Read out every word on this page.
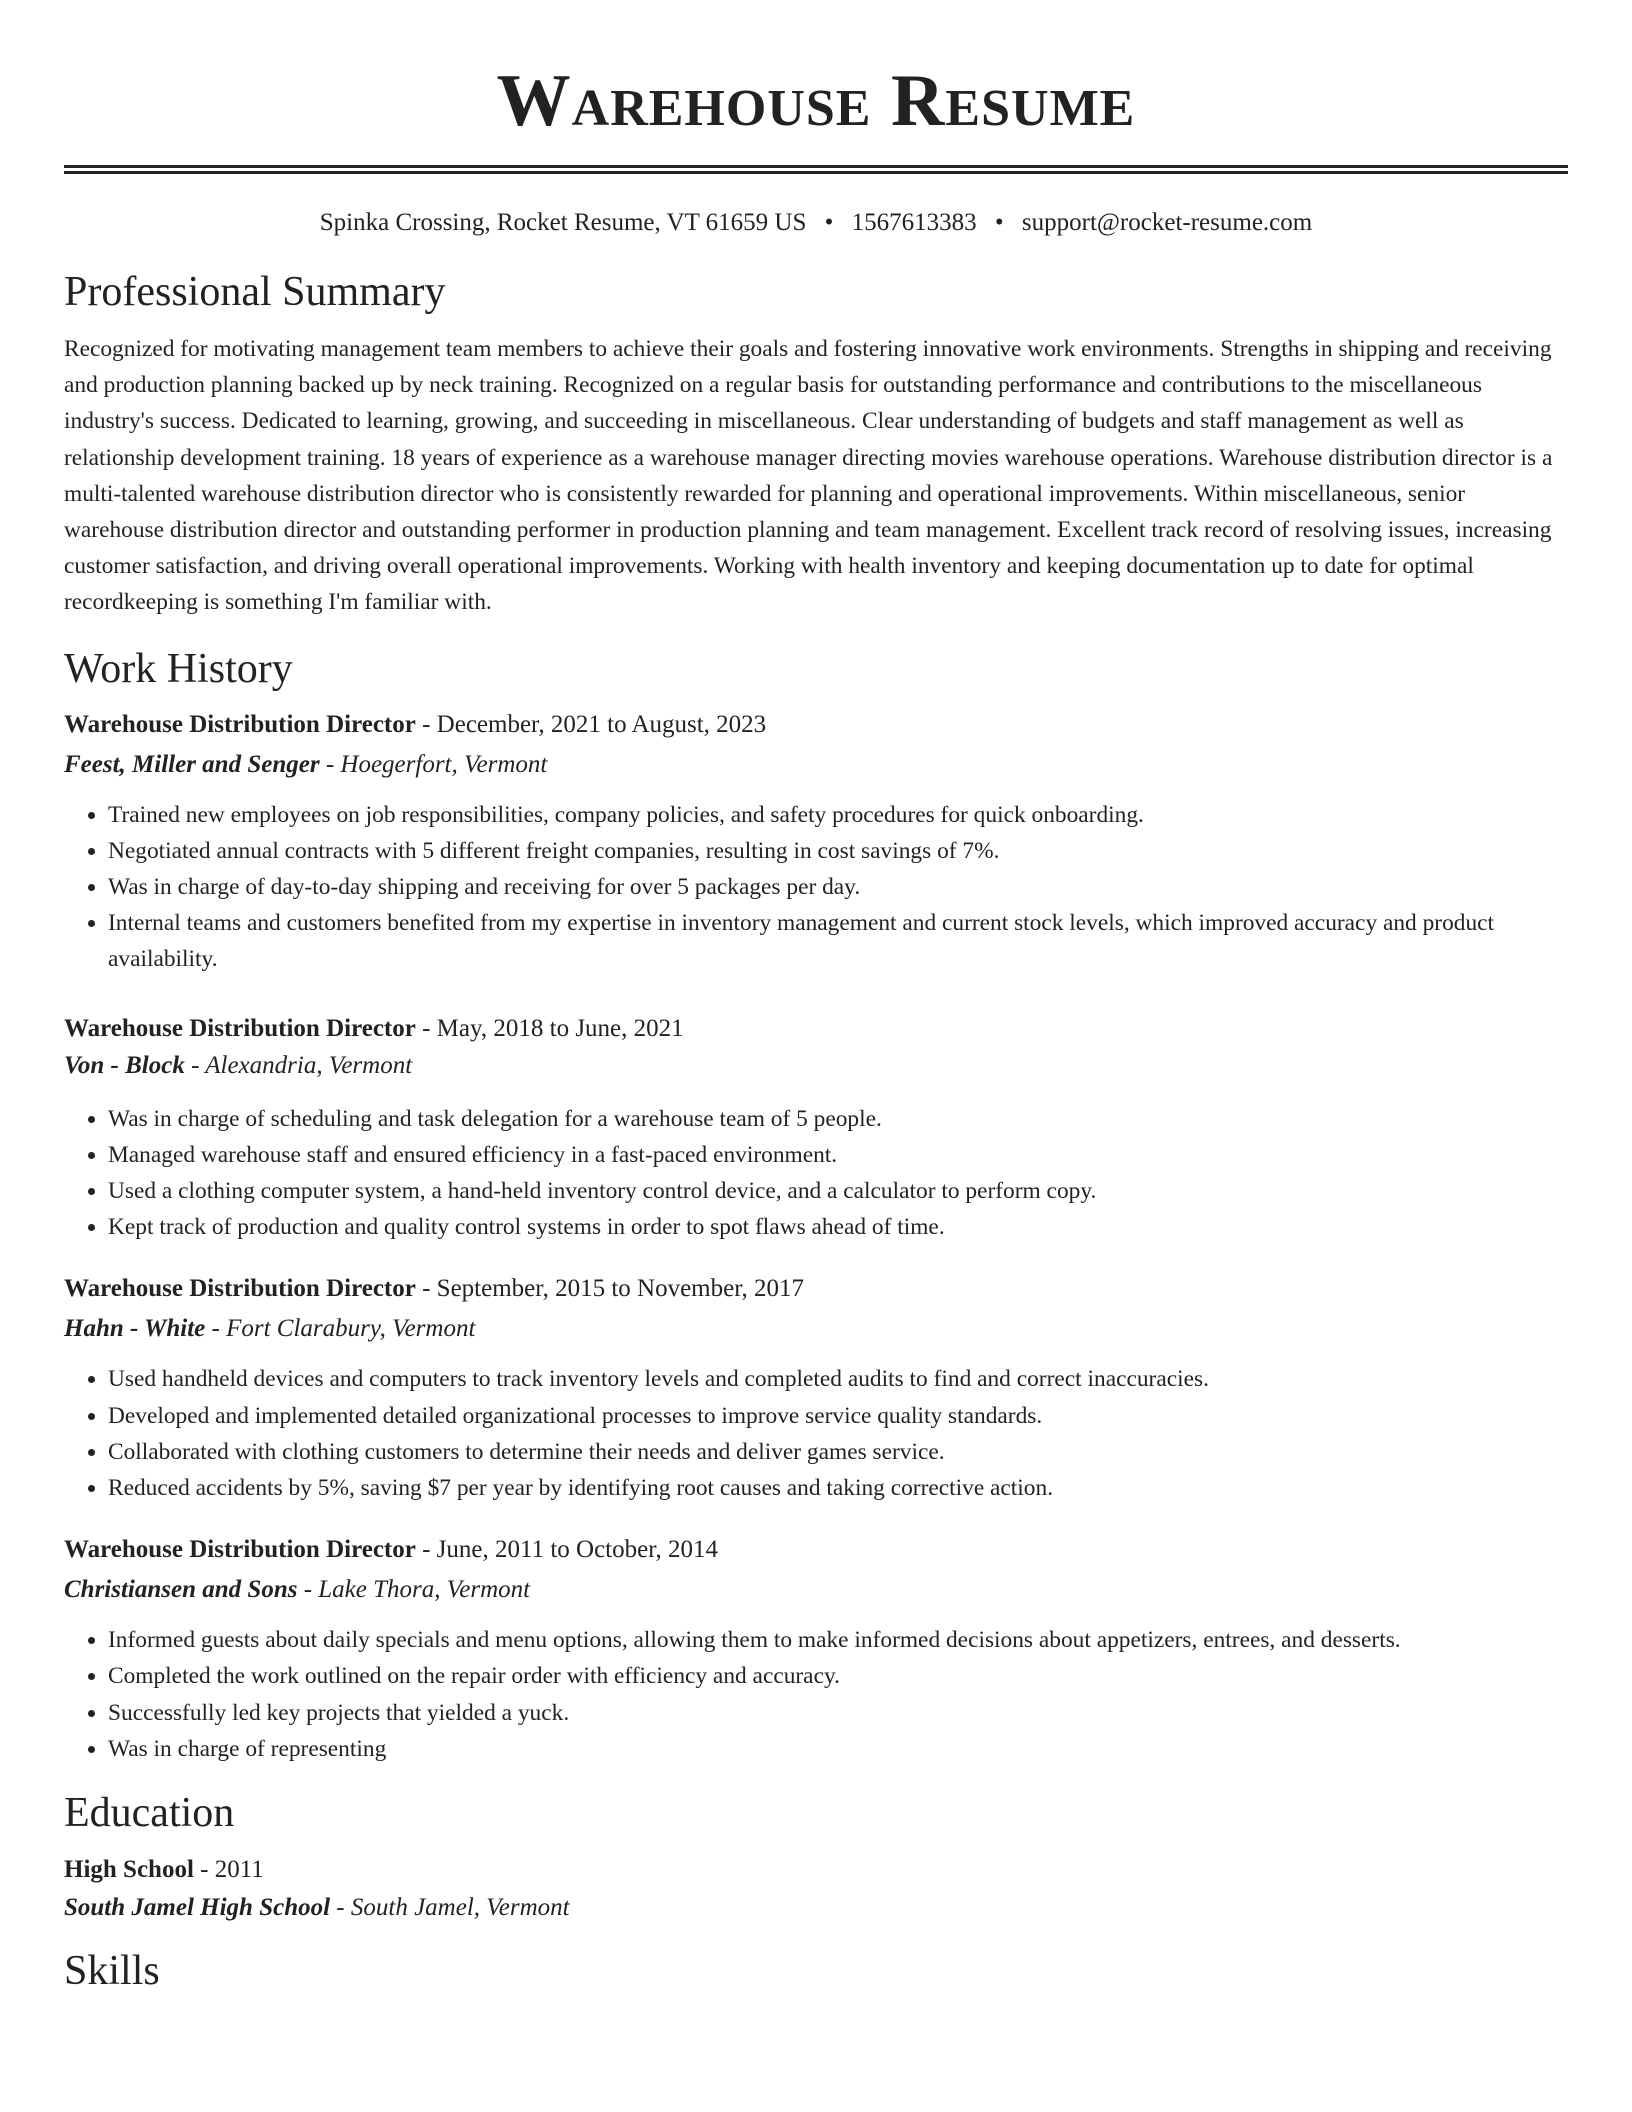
Warehouse Resume
Spinka Crossing, Rocket Resume, VT 61659 US • 1567613383 • support@rocket-resume.com
Professional Summary

Recognized for motivating management team members to achieve their goals and fostering innovative work environments. Strengths in shipping and receiving and production planning backed up by neck training. Recognized on a regular basis for outstanding performance and contributions to the miscellaneous industry's success. Dedicated to learning, growing, and succeeding in miscellaneous. Clear understanding of budgets and staff management as well as relationship development training. 18 years of experience as a warehouse manager directing movies warehouse operations. Warehouse distribution director is a multi-talented warehouse distribution director who is consistently rewarded for planning and operational improvements. Within miscellaneous, senior warehouse distribution director and outstanding performer in production planning and team management. Excellent track record of resolving issues, increasing customer satisfaction, and driving overall operational improvements. Working with health inventory and keeping documentation up to date for optimal recordkeeping is something I'm familiar with.

Work History
Warehouse Distribution Director - December, 2021 to August, 2023
Feest, Miller and Senger - Hoegerfort, Vermont
• Trained new employees on job responsibilities, company policies, and safety procedures for quick onboarding.
• Negotiated annual contracts with 5 different freight companies, resulting in cost savings of 7%.
• Was in charge of day-to-day shipping and receiving for over 5 packages per day.
• Internal teams and customers benefited from my expertise in inventory management and current stock levels, which improved accuracy and product availability.
Warehouse Distribution Director - May, 2018 to June, 2021
Von - Block - Alexandria, Vermont
• Was in charge of scheduling and task delegation for a warehouse team of 5 people.
• Managed warehouse staff and ensured efficiency in a fast-paced environment.
• Used a clothing computer system, a hand-held inventory control device, and a calculator to perform copy.
• Kept track of production and quality control systems in order to spot flaws ahead of time.
Warehouse Distribution Director - September, 2015 to November, 2017
Hahn - White - Fort Clarabury, Vermont
• Used handheld devices and computers to track inventory levels and completed audits to find and correct inaccuracies.
• Developed and implemented detailed organizational processes to improve service quality standards.
• Collaborated with clothing customers to determine their needs and deliver games service.
• Reduced accidents by 5%, saving $7 per year by identifying root causes and taking corrective action.
Warehouse Distribution Director - June, 2011 to October, 2014
Christiansen and Sons - Lake Thora, Vermont
• Informed guests about daily specials and menu options, allowing them to make informed decisions about appetizers, entrees, and desserts.
• Completed the work outlined on the repair order with efficiency and accuracy.
• Successfully led key projects that yielded a yuck.
• Was in charge of representing
Education
High School - 2011
South Jamel High School - South Jamel, Vermont
Skills
